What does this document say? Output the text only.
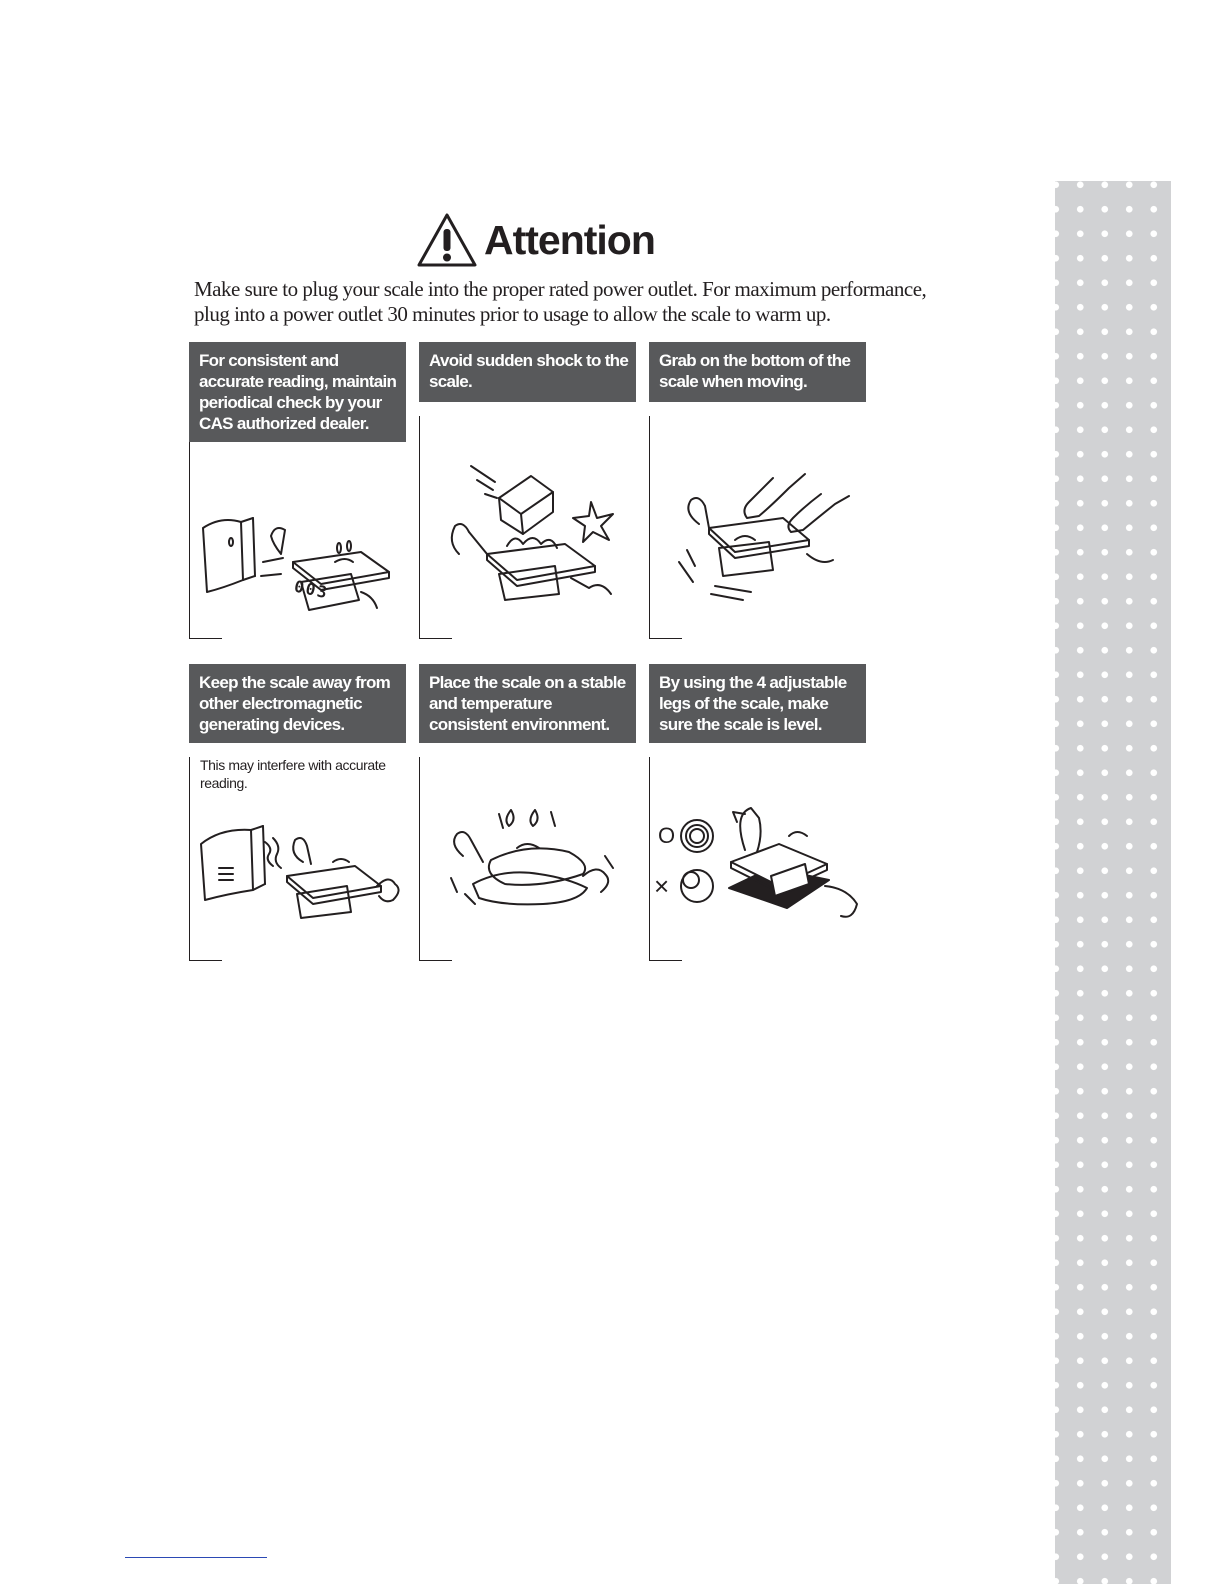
Attention

Make sure to plug your scale into the proper rated power outlet. For maximum performance,

plug into a power outlet 30 minutes prior to usage to allow the scale to warm up.

For consistent and accurate reading, maintain periodical check by your CAS authorized dealer.
003
Avoid sudden shock to the scale.
Grab on the bottom of the scale when moving.
Keep the scale away from other electromagnetic generating devices.
This may interfere with accurate reading.
Place the scale on a stable and temperature consistent environment.
By using the 4 adjustable legs of the scale, make sure the scale is level.
O
×
